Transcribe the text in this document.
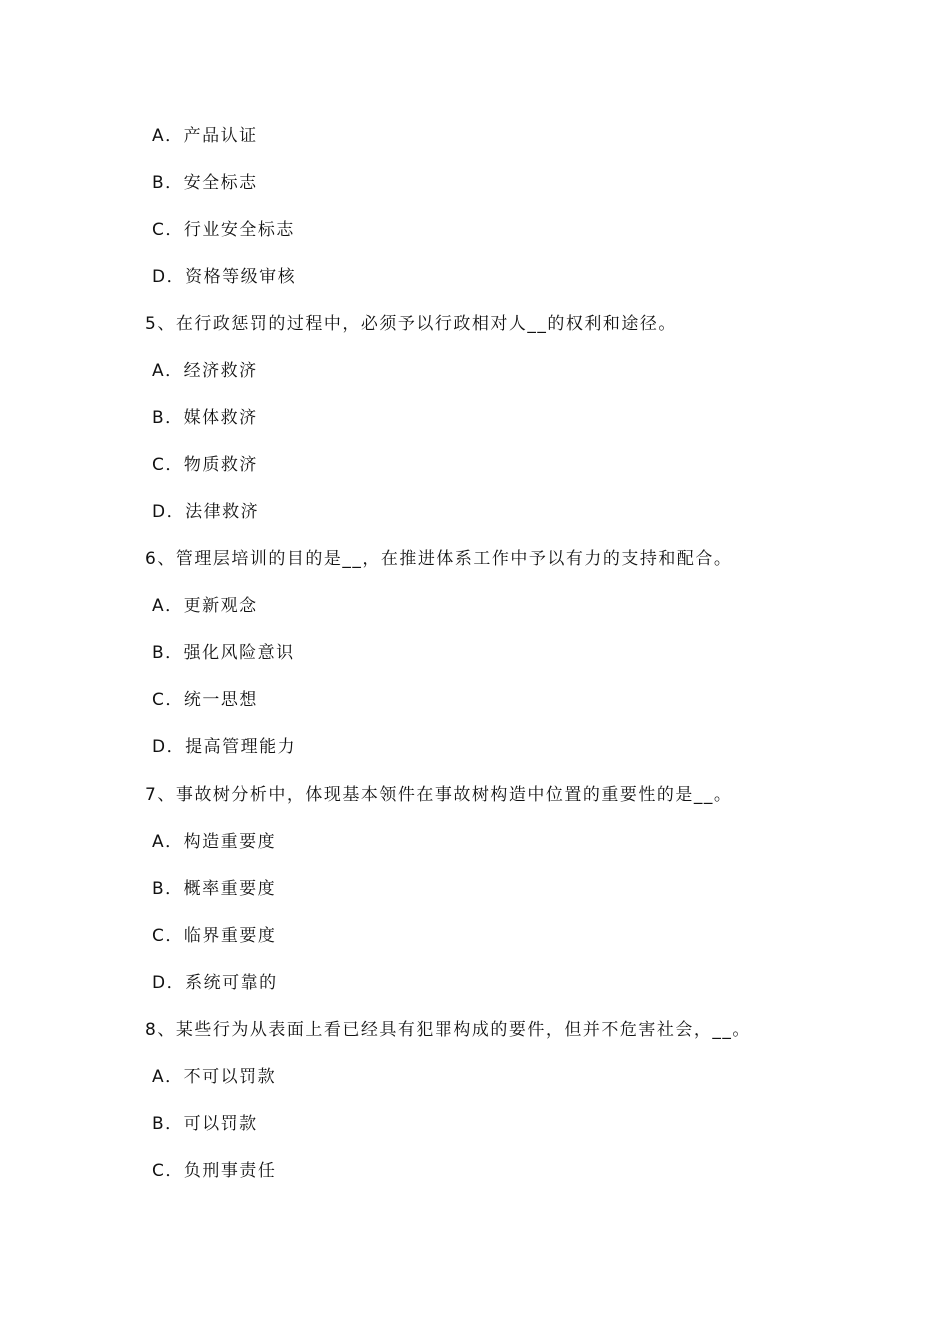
A．产品认证
B．安全标志
C．行业安全标志
D．资格等级审核
5、在行政惩罚的过程中，必须予以行政相对人__的权利和途径。
A．经济救济
B．媒体救济
C．物质救济
D．法律救济
6、管理层培训的目的是__，在推进体系工作中予以有力的支持和配合。
A．更新观念
B．强化风险意识
C．统一思想
D．提高管理能力
7、事故树分析中，体现基本领件在事故树构造中位置的重要性的是__。
A．构造重要度
B．概率重要度
C．临界重要度
D．系统可靠的
8、某些行为从表面上看已经具有犯罪构成的要件，但并不危害社会，__。
A．不可以罚款
B．可以罚款
C．负刑事责任
